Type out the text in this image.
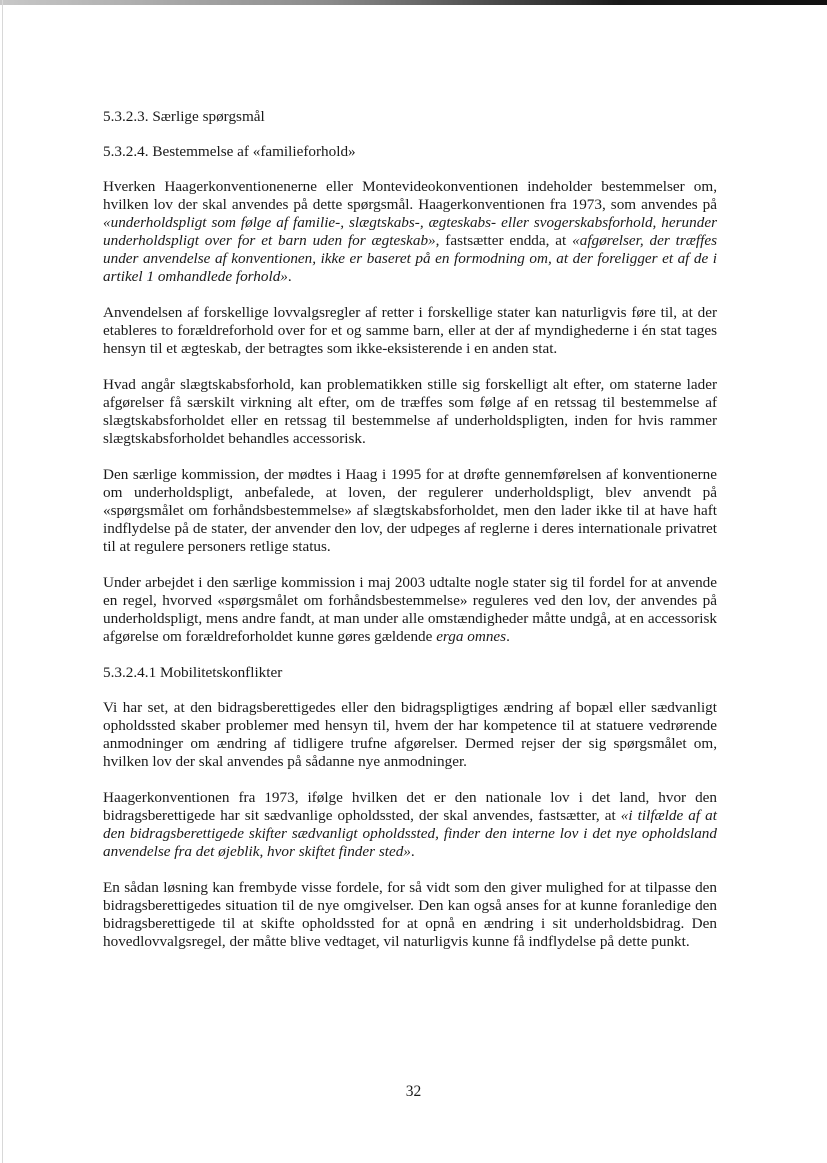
5.3.2.3. Særlige spørgsmål

5.3.2.4. Bestemmelse af «familieforhold»

Hverken Haagerkonventionenerne eller Montevideokonventionen indeholder bestemmelser om, hvilken lov der skal anvendes på dette spørgsmål. Haagerkonventionen fra 1973, som anvendes på «underholdspligt som følge af familie-, slægtskabs-, ægteskabs- eller svogerskabsforhold, herunder underholdspligt over for et barn uden for ægteskab», fastsætter endda, at «afgørelser, der træffes under anvendelse af konventionen, ikke er baseret på en formodning om, at der foreligger et af de i artikel 1 omhandlede forhold».

Anvendelsen af forskellige lovvalgsregler af retter i forskellige stater kan naturligvis føre til, at der etableres to forældreforhold over for et og samme barn, eller at der af myndighederne i én stat tages hensyn til et ægteskab, der betragtes som ikke-eksisterende i en anden stat.

Hvad angår slægtskabsforhold, kan problematikken stille sig forskelligt alt efter, om staterne lader afgørelser få særskilt virkning alt efter, om de træffes som følge af en retssag til bestemmelse af slægtskabsforholdet eller en retssag til bestemmelse af underholdspligten, inden for hvis rammer slægtskabsforholdet behandles accessorisk.

Den særlige kommission, der mødtes i Haag i 1995 for at drøfte gennemførelsen af konventionerne om underholdspligt, anbefalede, at loven, der regulerer underholdspligt, blev anvendt på «spørgsmålet om forhåndsbestemmelse» af slægtskabsforholdet, men den lader ikke til at have haft indflydelse på de stater, der anvender den lov, der udpeges af reglerne i deres internationale privatret til at regulere personers retlige status.

Under arbejdet i den særlige kommission i maj 2003 udtalte nogle stater sig til fordel for at anvende en regel, hvorved «spørgsmålet om forhåndsbestemmelse» reguleres ved den lov, der anvendes på underholdspligt, mens andre fandt, at man under alle omstændigheder måtte undgå, at en accessorisk afgørelse om forældreforholdet kunne gøres gældende erga omnes.

5.3.2.4.1 Mobilitetskonflikter

Vi har set, at den bidragsberettigedes eller den bidragspligtiges ændring af bopæl eller sædvanligt opholdssted skaber problemer med hensyn til, hvem der har kompetence til at statuere vedrørende anmodninger om ændring af tidligere trufne afgørelser. Dermed rejser der sig spørgsmålet om, hvilken lov der skal anvendes på sådanne nye anmodninger.

Haagerkonventionen fra 1973, ifølge hvilken det er den nationale lov i det land, hvor den bidragsberettigede har sit sædvanlige opholdssted, der skal anvendes, fastsætter, at «i tilfælde af at den bidragsberettigede skifter sædvanligt opholdssted, finder den interne lov i det nye opholdsland anvendelse fra det øjeblik, hvor skiftet finder sted».

En sådan løsning kan frembyde visse fordele, for så vidt som den giver mulighed for at tilpasse den bidragsberettigedes situation til de nye omgivelser. Den kan også anses for at kunne foranledige den bidragsberettigede til at skifte opholdssted for at opnå en ændring i sit underholdsbidrag. Den hovedlovvalgsregel, der måtte blive vedtaget, vil naturligvis kunne få indflydelse på dette punkt.

32
